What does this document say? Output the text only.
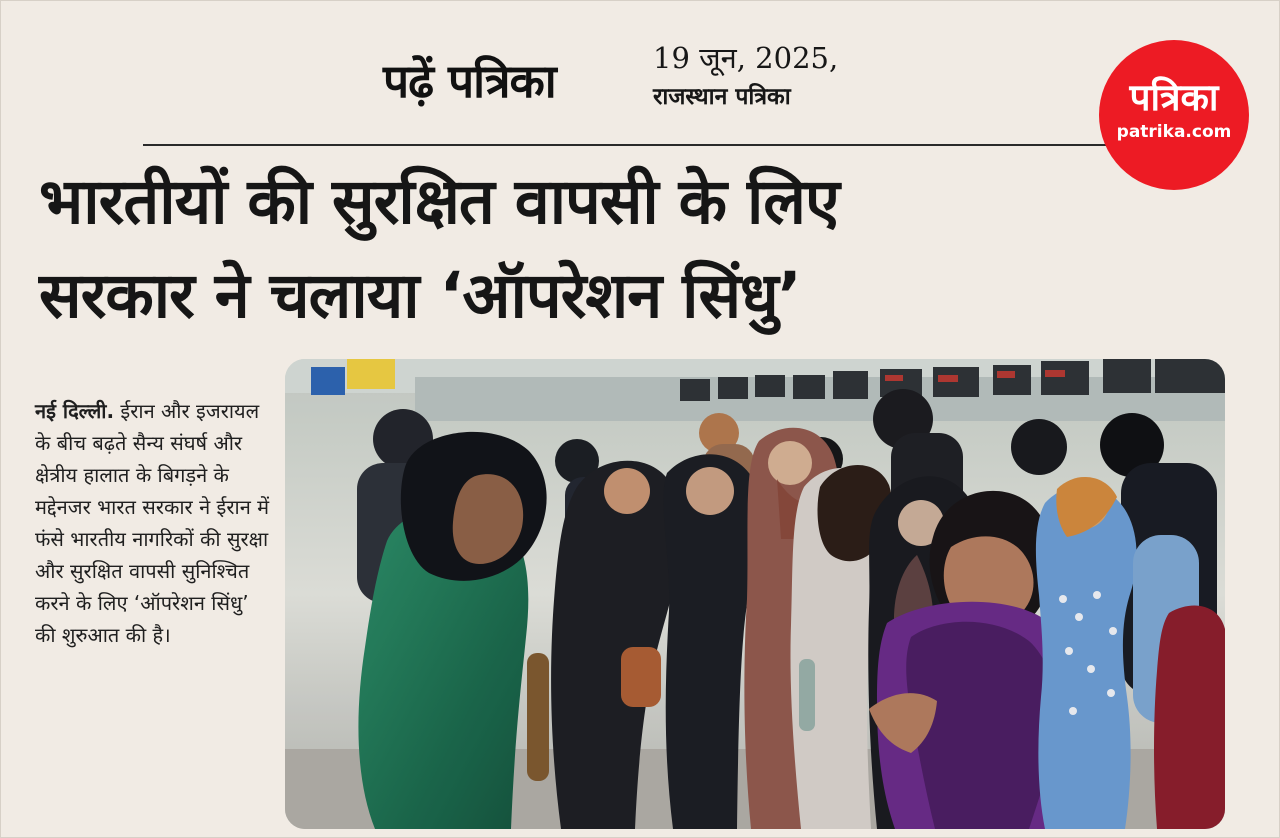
पढ़ें पत्रिका	19 जून, 2025,
राजस्थान पत्रिका	पत्रिका
patrika.com
भारतीयों की सुरक्षित वापसी के लिए
सरकार ने चलाया ‘ऑपरेशन सिंधु’

नई दिल्ली. ईरान और इजरायल के बीच बढ़ते सैन्य संघर्ष और क्षेत्रीय हालात के बिगड़ने के मद्देनजर भारत सरकार ने ईरान में फंसे भारतीय नागरिकों की सुरक्षा और सुरक्षित वापसी सुनिश्चित करने के लिए ‘ऑपरेशन सिंधु’ की शुरुआत की है।
